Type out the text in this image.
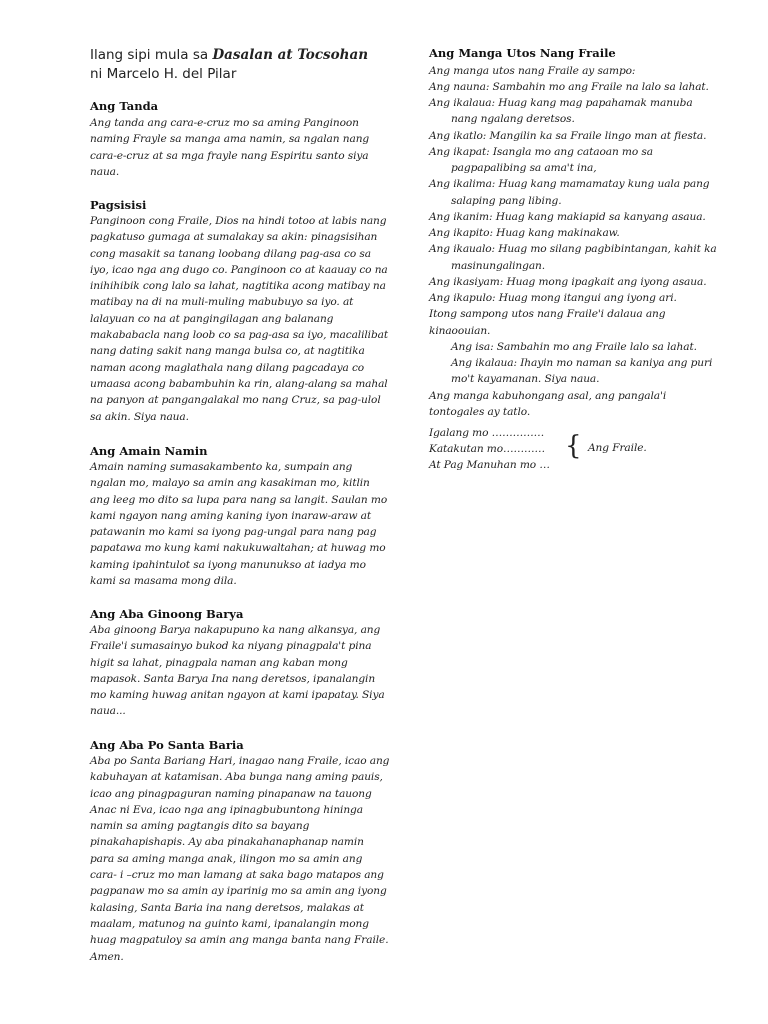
Ilang sipi mula sa Dasalan at Tocsohan
ni Marcelo H. del Pilar
Ang Tanda
Ang tanda ang cara-e-cruz mo sa aming Panginoon naming Frayle sa manga ama namin, sa ngalan nang cara-e-cruz at sa mga frayle nang Espiritu santo siya naua.
Pagsisisi
Panginoon cong Fraile, Dios na hindi totoo at labis nang pagkatuso gumaga at sumalakay sa akin: pinagsisihan cong masakit sa tanang loobang dilang pag-asa co sa iyo, icao nga ang dugo co. Panginoon co at kaauay co na inihihibik cong lalo sa lahat, nagtitika acong matibay na matibay na di na muli-muling mabubuyo sa iyo. at lalayuan co na at pangingilagan ang balanang makababacla nang loob co sa pag-asa sa iyo, macalilibat nang dating sakit nang manga bulsa co, at nagtitika naman acong maglathala nang dilang pagcadaya co umaasa acong babambuhin ka rin, alang-alang sa mahal na panyon at pangangalakal mo nang Cruz, sa pag-ulol sa akin. Siya naua.
Ang Amain Namin
Amain naming sumasakambento ka, sumpain ang ngalan mo, malayo sa amin ang kasakiman mo, kitlin ang leeg mo dito sa lupa para nang sa langit. Saulan mo kami ngayon nang aming kaning iyon inaraw-araw at patawanin mo kami sa iyong pag-ungal para nang pag papatawa mo kung kami nakukuwaltahan; at huwag mo kaming ipahintulot sa iyong manunukso at iadya mo kami sa masama mong dila.
Ang Aba Ginoong Barya
Aba ginoong Barya nakapupuno ka nang alkansya, ang Fraile'i sumasainyo bukod ka niyang pinagpala't pina higit sa lahat, pinagpala naman ang kaban mong mapasok. Santa Barya Ina nang deretsos, ipanalangin mo kaming huwag anitan ngayon at kami ipapatay. Siya naua...
Ang Aba Po Santa Baria
Aba po Santa Bariang Hari, inagao nang Fraile, icao ang kabuhayan at katamisan. Aba bunga nang aming pauis, icao ang pinagpaguran naming pinapanaw na tauong Anac ni Eva, icao nga ang ipinagbubuntong hininga namin sa aming pagtangis dito sa bayang pinakahapishapis. Ay aba pinakahanaphanap namin para sa aming manga anak, ilingon mo sa amin ang cara- i –cruz mo man lamang at saka bago matapos ang pagpanaw mo sa amin ay iparinig mo sa amin ang iyong kalasing, Santa Baria ina nang deretsos, malakas at maalam, matunog na guinto kami, ipanalangin mong huag magpatuloy sa amin ang manga banta nang Fraile. Amen.
Ang Manga Utos Nang Fraile
Ang manga utos nang Fraile ay sampo:
Ang nauna: Sambahin mo ang Fraile na lalo sa lahat.
Ang ikalaua: Huag kang mag papahamak manuba
nang ngalang deretsos.
Ang ikatlo: Mangilin ka sa Fraile lingo man at fiesta.
Ang ikapat: Isangla mo ang cataoan mo sa
pagpapalibing sa ama't ina,
Ang ikalima: Huag kang mamamatay kung uala pang
salaping pang libing.
Ang ikanim: Huag kang makiapid sa kanyang asaua.
Ang ikapito: Huag kang makinakaw.
Ang ikaualo: Huag mo silang pagbibintangan, kahit ka
masinungalingan.
Ang ikasiyam: Huag mong ipagkait ang iyong asaua.
Ang ikapulo: Huag mong itangui ang iyong ari.
Itong sampong utos nang Fraile'i dalaua ang
kinaoouian.
Ang isa: Sambahin mo ang Fraile lalo sa lahat.
Ang ikalaua: Ihayin mo naman sa kaniya ang puri
mo't kayamanan. Siya naua.
Ang manga kabuhongang asal, ang pangala'i
tontogales ay tatlo.
Igalang mo ……………
Katakutan mo…………
At Pag Manuhan mo …
{ Ang Fraile.
